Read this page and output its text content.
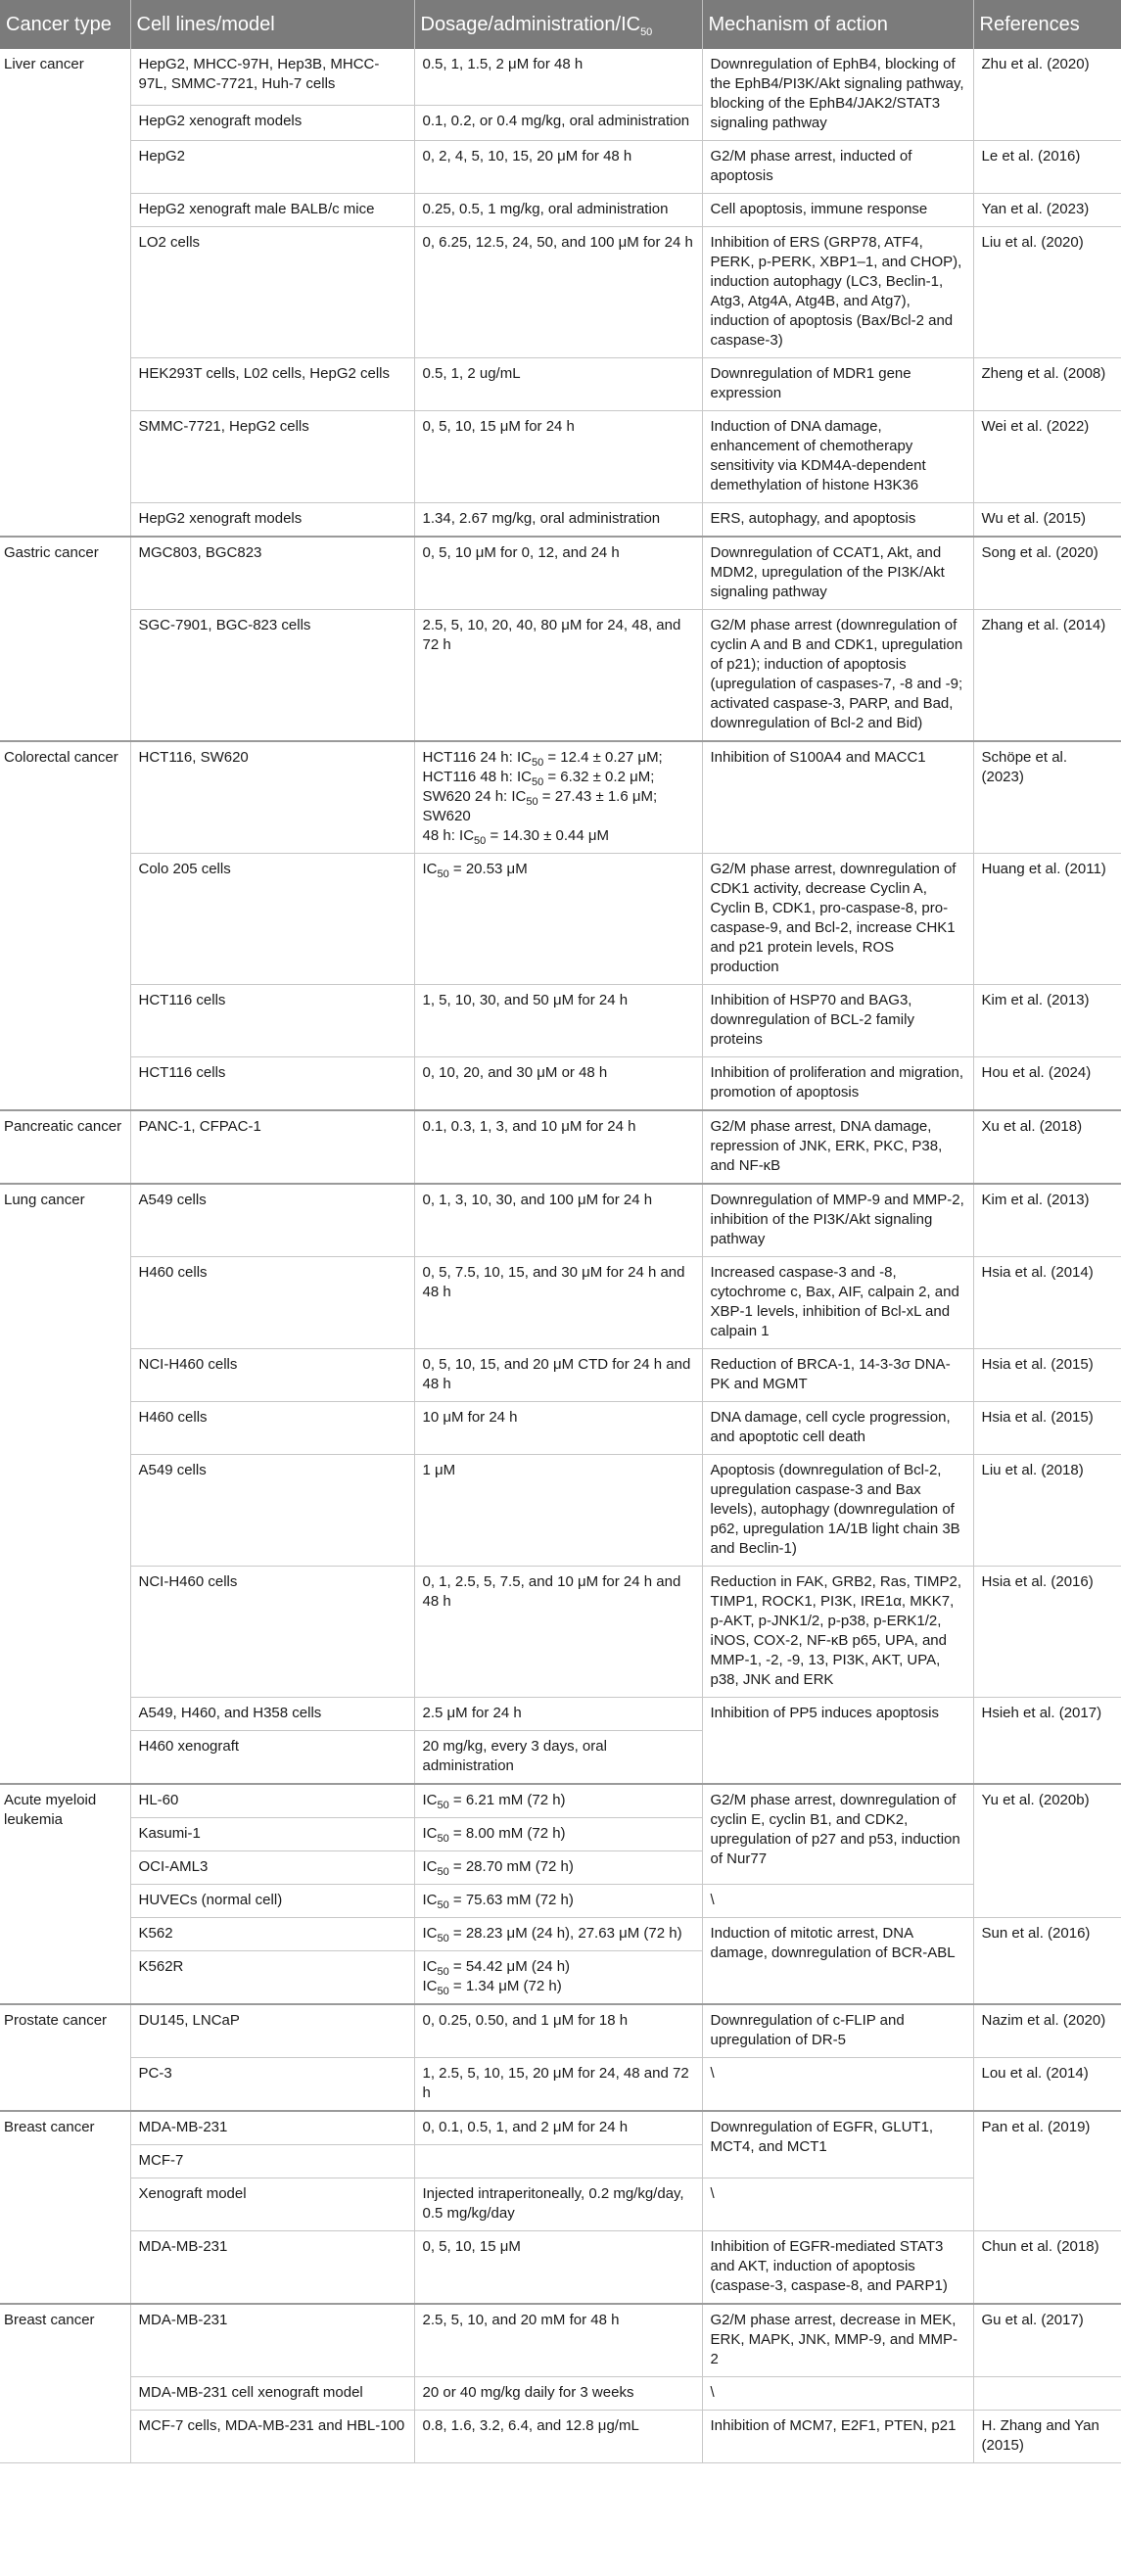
Cancer type	Cell lines/model	Dosage/$administration/IC_{50}$	Mechanism of action	References
Liver cancer	HepG2, MHCC-97H, Hep3B, MHCC-97L, SMMC-7721, Huh-7 cells	0.5, 1, 1.5, 2 μM for 48 h	Downregulation of EphB4, blocking of the EphB4/PI3K/Akt signaling pathway, blocking of the EphB4/JAK2/STAT3 signaling pathway	Zhu et al. (2020)
	HepG2 xenograft models	0.1, 0.2, or 0.4 mg/kg, oral administration		
	HepG2	0, 2, 4, 5, 10, 15, 20 μM for 48 h	G2/M phase arrest, inducted of apoptosis	Le et al. (2016)
	HepG2 xenograft male BALB/c mice	0.25, 0.5, 1 mg/kg, oral administration	Cell apoptosis, immune response	Yan et al. (2023)
	LO2 cells	0, 6.25, 12.5, 24, 50, and 100 μM for 24 h	Inhibition of ERS (GRP78, ATF4, PERK, p-PERK, XBP1–1, and CHOP), induction autophagy (LC3, Beclin-1, Atg3, Atg4A, Atg4B, and Atg7), induction of apoptosis (Bax/Bcl-2 and caspase-3)	Liu et al. (2020)
	HEK293T cells, L02 cells, HepG2 cells	0.5, 1, 2 ug/mL	Downregulation of MDR1 gene expression	Zheng et al. (2008)
	SMMC-7721, HepG2 cells	0, 5, 10, 15 μM for 24 h	Induction of DNA damage, enhancement of chemotherapy sensitivity via KDM4A-dependent demethylation of histone H3K36	Wei et al. (2022)
	HepG2 xenograft models	1.34, 2.67 mg/kg, oral administration	ERS, autophagy, and apoptosis	Wu et al. (2015)
Gastric cancer	MGC803, BGC823	0, 5, 10 μM for 0, 12, and 24 h	Downregulation of CCAT1, Akt, and MDM2, upregulation of the PI3K/Akt signaling pathway	Song et al. (2020)
	SGC-7901, BGC-823 cells	2.5, 5, 10, 20, 40, 80 μM for 24, 48, and 72 h	G2/M phase arrest (downregulation of cyclin A and B and CDK1, upregulation of p21); induction of apoptosis (upregulation of caspases-7, -8 and -9; activated caspase-3, PARP, and Bad, downregulation of Bcl-2 and Bid)	Zhang et al. (2014)
Colorectal cancer	HCT116, SW620	HCT116 24 h: $IC_{50} = 12.4 \pm 0.27$ μM;
HCT116 48 h: $IC_{50} = 6.32 \pm 0.2$ μM;
SW620 24 h: $IC_{50} = 27.43 \pm 1.6$ μM; SW620
48 h: $IC_{50} = 14.30 \pm 0.44$ μM	Inhibition of S100A4 and MACC1	Schöpe et al. (2023)
	Colo 205 cells	$IC_{50} = 20.53$ μM	G2/M phase arrest, downregulation of CDK1 activity, decrease Cyclin A, Cyclin B, CDK1, pro-caspase-8, pro-caspase-9, and Bcl-2, increase CHK1 and p21 protein levels, ROS production	Huang et al. (2011)
	HCT116 cells	1, 5, 10, 30, and 50 μM for 24 h	Inhibition of HSP70 and BAG3, downregulation of BCL-2 family proteins	Kim et al. (2013)
	HCT116 cells	0, 10, 20, and 30 μM or 48 h	Inhibition of proliferation and migration, promotion of apoptosis	Hou et al. (2024)
Pancreatic cancer	PANC-1, CFPAC-1	0.1, 0.3, 1, 3, and 10 μM for 24 h	G2/M phase arrest, DNA damage, repression of JNK, ERK, PKC, P38, and NF-κB	Xu et al. (2018)
Lung cancer	A549 cells	0, 1, 3, 10, 30, and 100 μM for 24 h	Downregulation of MMP-9 and MMP-2, inhibition of the PI3K/Akt signaling pathway	Kim et al. (2013)
	H460 cells	0, 5, 7.5, 10, 15, and 30 μM for 24 h and 48 h	Increased caspase-3 and -8, cytochrome c, Bax, AIF, calpain 2, and XBP-1 levels, inhibition of Bcl-xL and calpain 1	Hsia et al. (2014)
	NCI-H460 cells	0, 5, 10, 15, and 20 μM CTD for 24 h and 48 h	Reduction of BRCA-1, 14-3-3σ DNA-PK and MGMT	Hsia et al. (2015)
	H460 cells	10 μM for 24 h	DNA damage, cell cycle progression, and apoptotic cell death	Hsia et al. (2015)
	A549 cells	1 μM	Apoptosis (downregulation of Bcl-2, upregulation caspase-3 and Bax levels), autophagy (downregulation of p62, upregulation 1A/1B light chain 3B and Beclin-1)	Liu et al. (2018)
	NCI-H460 cells	0, 1, 2.5, 5, 7.5, and 10 μM for 24 h and 48 h	Reduction in FAK, GRB2, Ras, TIMP2, TIMP1, ROCK1, PI3K, IRE1α, MKK7, p-AKT, p-JNK1/2, p-p38, p-ERK1/2, iNOS, COX-2, NF-κB p65, UPA, and MMP-1, -2, -9, 13, PI3K, AKT, UPA, p38, JNK and ERK	Hsia et al. (2016)
	A549, H460, and H358 cells	2.5 μM for 24 h	Inhibition of PP5 induces apoptosis	Hsieh et al. (2017)
	H460 xenograft	20 mg/kg, every 3 days, oral administration		
Acute myeloid leukemia	HL-60	$IC_{50} = 6.21$ mM (72 h)	G2/M phase arrest, downregulation of cyclin E, cyclin B1, and CDK2, upregulation of p27 and p53, induction of Nur77	Yu et al. (2020b)
	Kasumi-1	$IC_{50} = 8.00$ mM (72 h)		
	OCI-AML3	$IC_{50} = 28.70$ mM (72 h)		
	HUVECs (normal cell)	$IC_{50} = 75.63$ mM (72 h)	\	
	K562	$IC_{50} = 28.23$ μM (24 h), 27.63 μM (72 h)	Induction of mitotic arrest, DNA damage, downregulation of BCR-ABL	Sun et al. (2016)
	K562R	$IC_{50} = 54.42$ μM (24 h)
$IC_{50} = 1.34$ μM (72 h)		

Prostate cancer	DU145, LNCaP	0, 0.25, 0.50, and 1 μM for 18 h	Downregulation of c-FLIP and upregulation of DR-5	Nazim et al. (2020)
	PC-3	1, 2.5, 5, 10, 15, 20 μM for 24, 48 and 72 h	\	Lou et al. (2014)
Breast cancer	MDA-MB-231	0, 0.1, 0.5, 1, and 2 μM for 24 h	Downregulation of EGFR, GLUT1, MCT4, and MCT1	Pan et al. (2019)
	MCF-7			
	Xenograft model	Injected intraperitoneally, 0.2 mg/kg/day, 0.5 mg/kg/day	\	
	MDA-MB-231	0, 5, 10, 15 μM	Inhibition of EGFR-mediated STAT3 and AKT, induction of apoptosis (caspase-3, caspase-8, and PARP1)	Chun et al. (2018)
Breast cancer	MDA-MB-231	2.5, 5, 10, and 20 mM for 48 h	G2/M phase arrest, decrease in MEK, ERK, MAPK, JNK, MMP-9, and MMP-2	Gu et al. (2017)
	MDA-MB-231 cell xenograft model	20 or 40 mg/kg daily for 3 weeks	\	
	MCF-7 cells, MDA-MB-231 and HBL-100	0.8, 1.6, 3.2, 6.4, and 12.8 μg/mL	Inhibition of MCM7, E2F1, PTEN, p21	H. Zhang and Yan (2015)
